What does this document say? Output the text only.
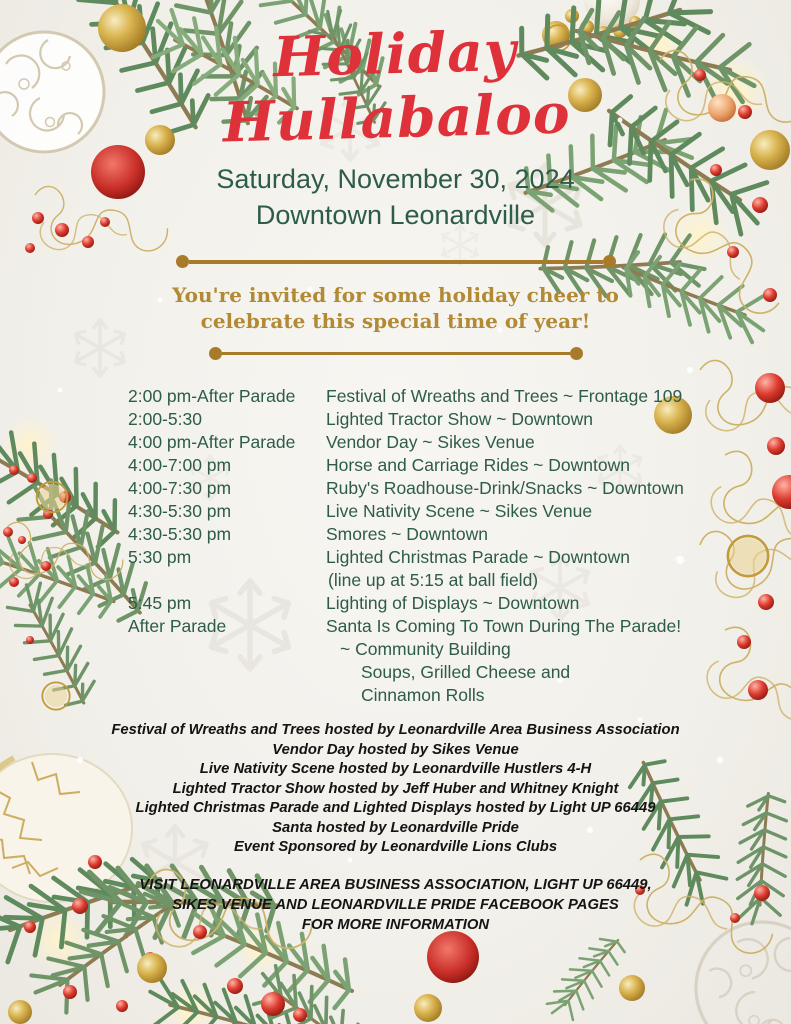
Holiday
Hullabaloo
Saturday, November 30, 2024
Downtown Leonardville
You're invited for some holiday cheer to
celebrate this special time of year!
2:00 pm-After Parade	Festival of Wreaths and Trees ~ Frontage 109
2:00-5:30	Lighted Tractor Show ~ Downtown
4:00 pm-After Parade	Vendor Day ~ Sikes Venue
4:00-7:00 pm	Horse and Carriage Rides ~ Downtown
4:00-7:30 pm	Ruby's Roadhouse-Drink/Snacks ~ Downtown
4:30-5:30 pm	Live Nativity Scene ~ Sikes Venue
4:30-5:30 pm	Smores ~ Downtown
5:30 pm	Lighted Christmas Parade ~ Downtown
(line up at 5:15 at ball field)
5:45 pm	Lighting of Displays ~ Downtown
After Parade	Santa Is Coming To Town During The Parade!
~ Community Building
Soups, Grilled Cheese and
Cinnamon Rolls
Festival of Wreaths and Trees hosted by Leonardville Area Business Association
Vendor Day hosted by Sikes Venue
Live Nativity Scene hosted by Leonardville Hustlers 4-H
Lighted Tractor Show hosted by Jeff Huber and Whitney Knight
Lighted Christmas Parade and Lighted Displays hosted by Light UP 66449
Santa hosted by Leonardville Pride
Event Sponsored by Leonardville Lions Clubs
VISIT LEONARDVILLE AREA BUSINESS ASSOCIATION, LIGHT UP 66449,
SIKES VENUE AND LEONARDVILLE PRIDE FACEBOOK PAGES
FOR MORE INFORMATION
